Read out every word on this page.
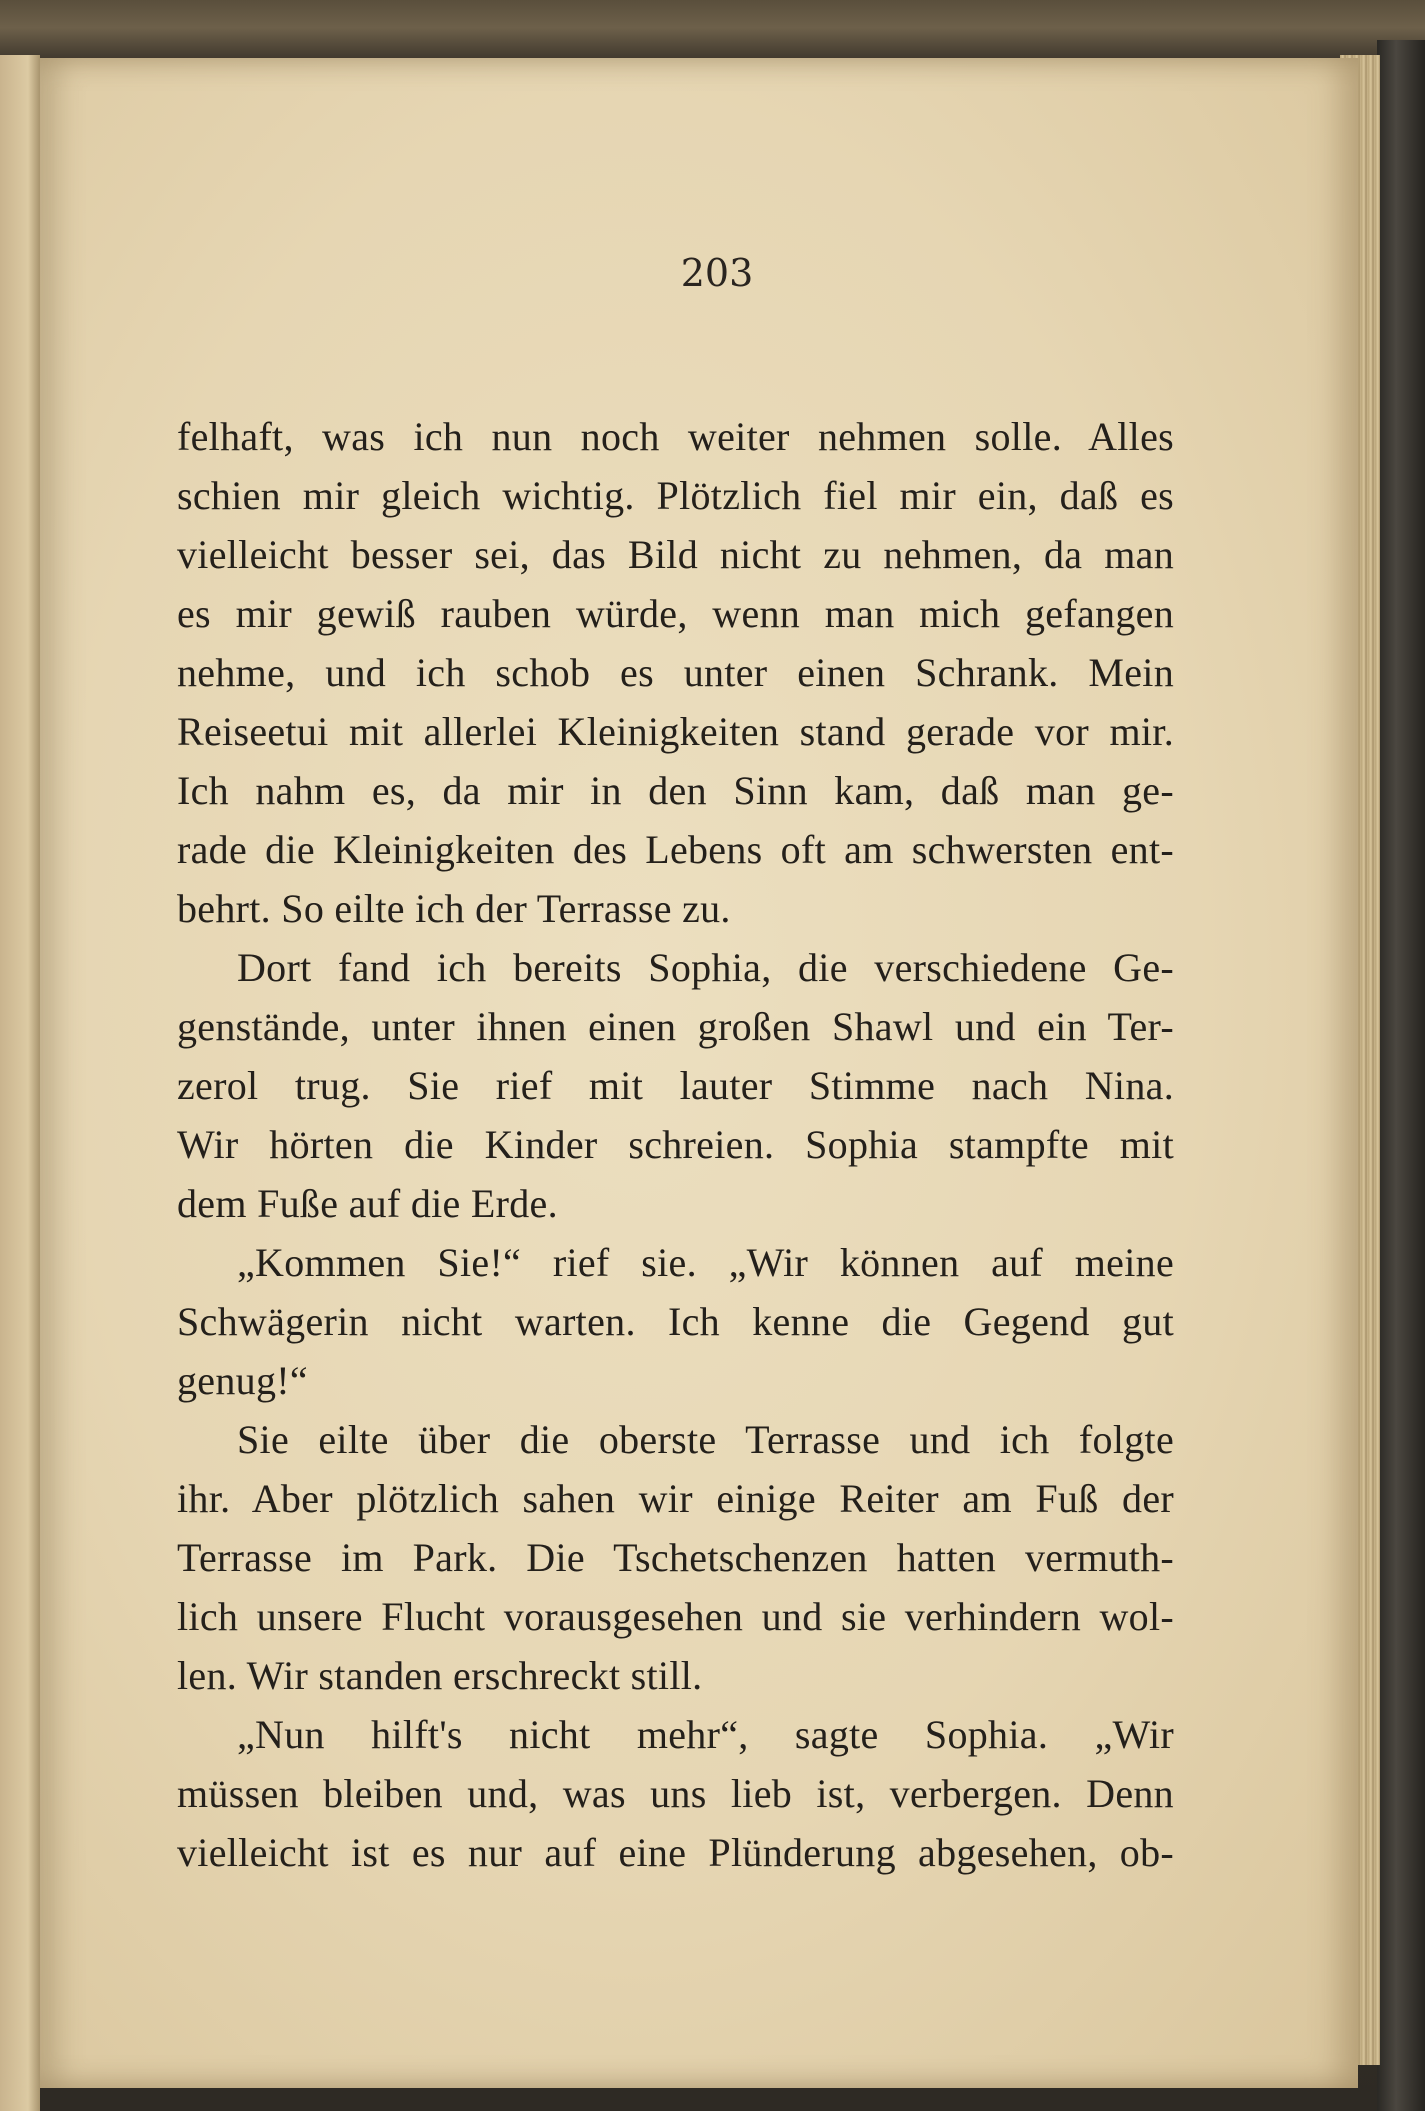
203
felhaft, was ich nun noch weiter nehmen solle. Alles
schien mir gleich wichtig. Plötzlich fiel mir ein, daß es
vielleicht besser sei, das Bild nicht zu nehmen, da man
es mir gewiß rauben würde, wenn man mich gefangen
nehme, und ich schob es unter einen Schrank. Mein
Reiseetui mit allerlei Kleinigkeiten stand gerade vor mir.
Ich nahm es, da mir in den Sinn kam, daß man ge-
rade die Kleinigkeiten des Lebens oft am schwersten ent-
behrt. So eilte ich der Terrasse zu.
Dort fand ich bereits Sophia, die verschiedene Ge-
genstände, unter ihnen einen großen Shawl und ein Ter-
zerol trug. Sie rief mit lauter Stimme nach Nina.
Wir hörten die Kinder schreien. Sophia stampfte mit
dem Fuße auf die Erde.
„Kommen Sie!“ rief sie. „Wir können auf meine
Schwägerin nicht warten. Ich kenne die Gegend gut
genug!“
Sie eilte über die oberste Terrasse und ich folgte
ihr. Aber plötzlich sahen wir einige Reiter am Fuß der
Terrasse im Park. Die Tschetschenzen hatten vermuth-
lich unsere Flucht vorausgesehen und sie verhindern wol-
len. Wir standen erschreckt still.
„Nun hilft's nicht mehr“, sagte Sophia. „Wir
müssen bleiben und, was uns lieb ist, verbergen. Denn
vielleicht ist es nur auf eine Plünderung abgesehen, ob-
